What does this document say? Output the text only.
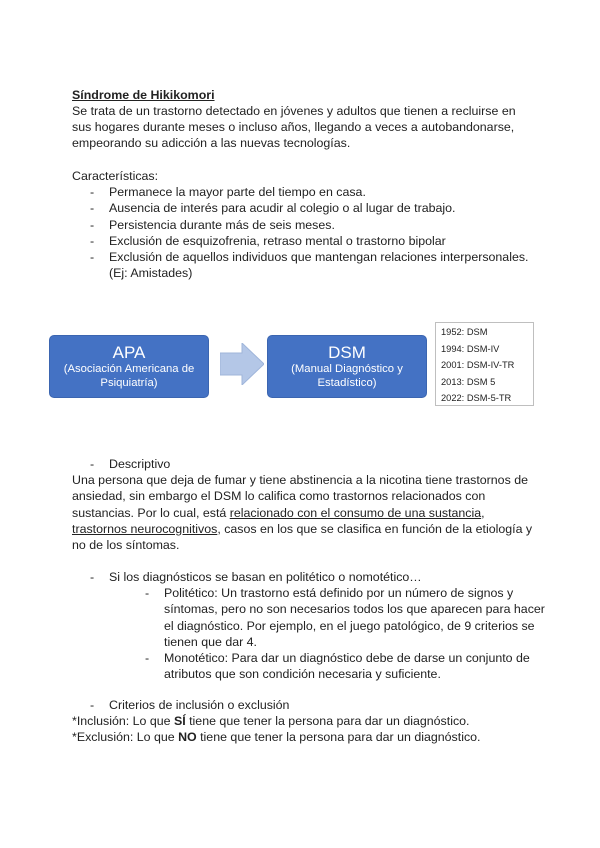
Síndrome de Hikikomori
Se trata de un trastorno detectado en jóvenes y adultos que tienen a recluirse en
sus hogares durante meses o incluso años, llegando a veces a autobandonarse,
empeorando su adicción a las nuevas tecnologías.
Características:
- Permanece la mayor parte del tiempo en casa.
- Ausencia de interés para acudir al colegio o al lugar de trabajo.
- Persistencia durante más de seis meses.
- Exclusión de esquizofrenia, retraso mental o trastorno bipolar
- Exclusión de aquellos individuos que mantengan relaciones interpersonales.
(Ej: Amistades)
APA
(Asociación Americana de
Psiquiatría)
DSM
(Manual Diagnóstico y
Estadístico)
1952: DSM
1994: DSM-IV
2001: DSM-IV-TR
2013: DSM 5
2022: DSM-5-TR
- Descriptivo
Una persona que deja de fumar y tiene abstinencia a la nicotina tiene trastornos de
ansiedad, sin embargo el DSM lo califica como trastornos relacionados con
sustancias. Por lo cual, está relacionado con el consumo de una sustancia,
trastornos neurocognitivos, casos en los que se clasifica en función de la etiología y
no de los síntomas.
- Si los diagnósticos se basan en politético o nomotético…
- Politético: Un trastorno está definido por un número de signos y
síntomas, pero no son necesarios todos los que aparecen para hacer
el diagnóstico. Por ejemplo, en el juego patológico, de 9 criterios se
tienen que dar 4.
- Monotético: Para dar un diagnóstico debe de darse un conjunto de
atributos que son condición necesaria y suficiente.
- Criterios de inclusión o exclusión
*Inclusión: Lo que SÍ tiene que tener la persona para dar un diagnóstico.
*Exclusión: Lo que NO tiene que tener la persona para dar un diagnóstico.
